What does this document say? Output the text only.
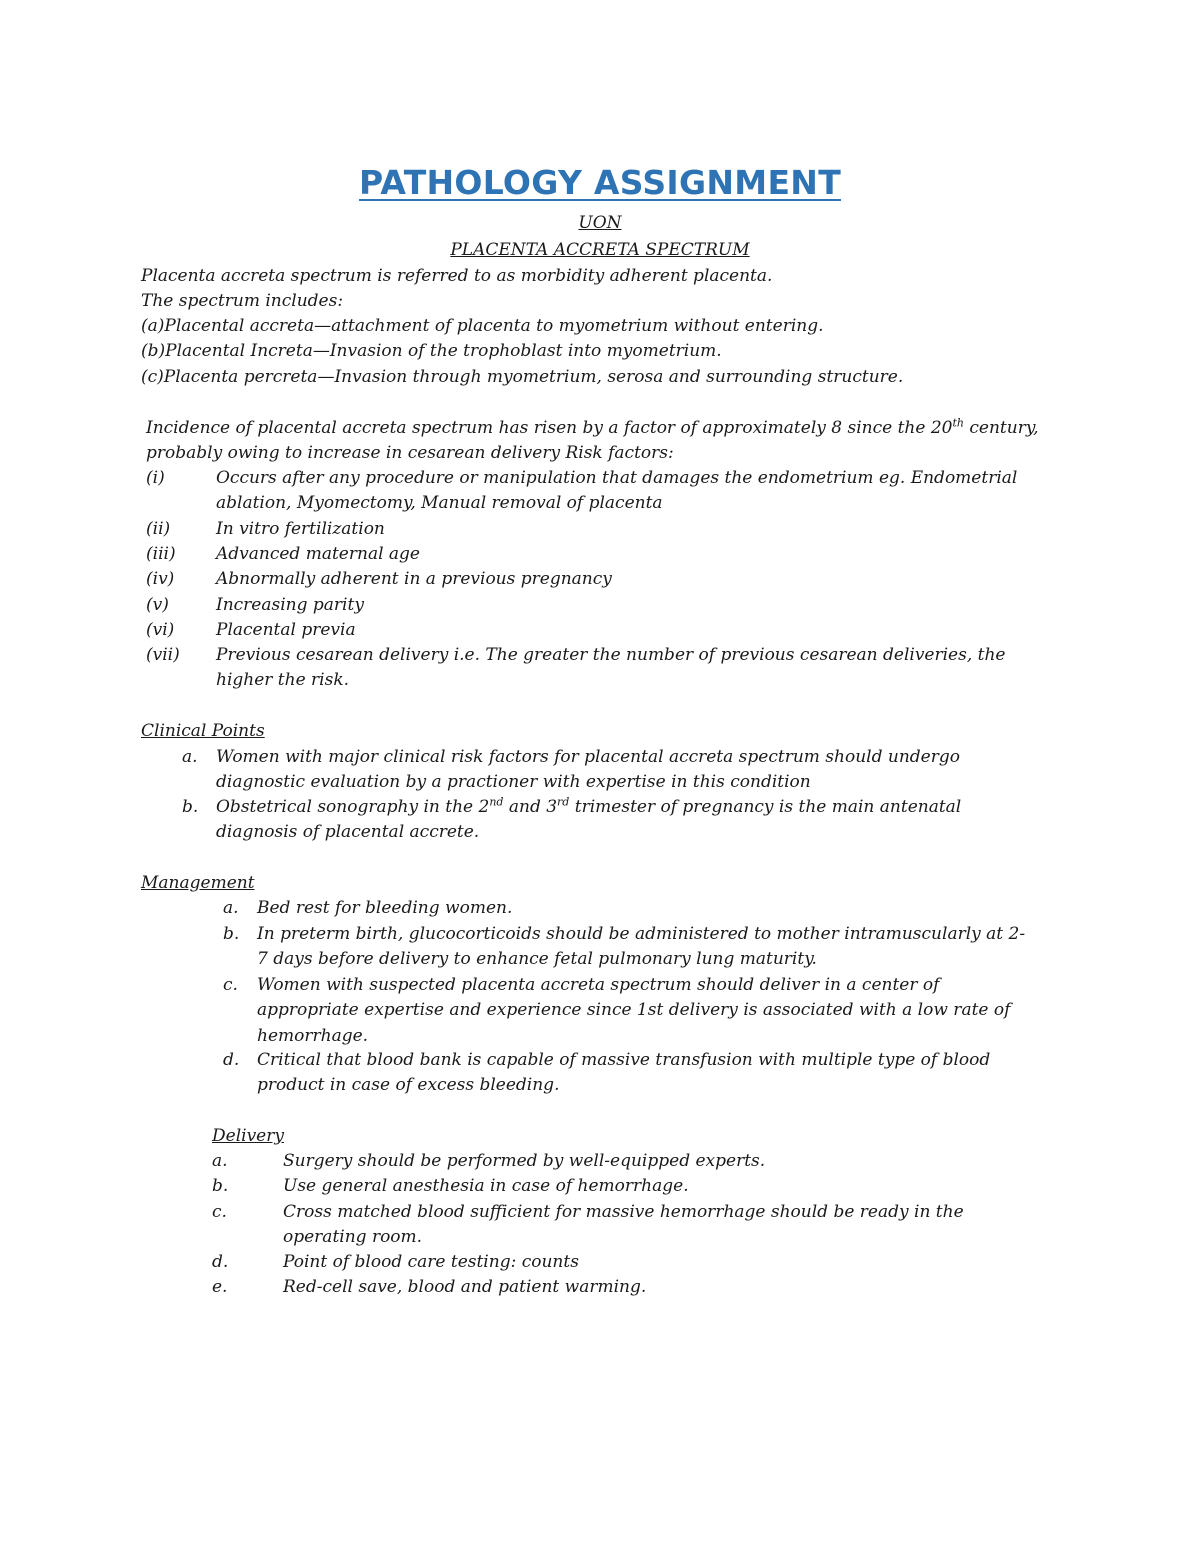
PATHOLOGY ASSIGNMENT
UON
PLACENTA ACCRETA SPECTRUM
Placenta accreta spectrum is referred to as morbidity adherent placenta.
The spectrum includes:
(a)Placental accreta—attachment of placenta to myometrium without entering.
(b)Placental Increta—Invasion of the trophoblast into myometrium.
(c)Placenta percreta—Invasion through myometrium, serosa and surrounding structure.
Incidence of placental accreta spectrum has risen by a factor of approximately 8 since the 20th century,
probably owing to increase in cesarean delivery Risk factors:
(i)	Occurs after any procedure or manipulation that damages the endometrium eg. Endometrial
ablation, Myomectomy, Manual removal of placenta
(ii)	In vitro fertilization
(iii) Advanced maternal age
(iv) Abnormally adherent in a previous pregnancy
(v)	Increasing parity
(vi) Placental previa
(vii) Previous cesarean delivery i.e. The greater the number of previous cesarean deliveries, the
higher the risk.
Clinical Points
a. Women with major clinical risk factors for placental accreta spectrum should undergo
diagnostic evaluation by a practioner with expertise in this condition
b. Obstetrical sonography in the 2nd and 3rd trimester of pregnancy is the main antenatal
diagnosis of placental accrete.
Management
a. Bed rest for bleeding women.
b. In preterm birth, glucocorticoids should be administered to mother intramuscularly at 2-
7 days before delivery to enhance fetal pulmonary lung maturity.
c. Women with suspected placenta accreta spectrum should deliver in a center of
appropriate expertise and experience since 1st delivery is associated with a low rate of
hemorrhage.
d. Critical that blood bank is capable of massive transfusion with multiple type of blood
product in case of excess bleeding.
Delivery
a.	Surgery should be performed by well-equipped experts.
b.	Use general anesthesia in case of hemorrhage.
c.	Cross matched blood sufficient for massive hemorrhage should be ready in the
operating room.
d.	Point of blood care testing: counts
e.	Red-cell save, blood and patient warming.
